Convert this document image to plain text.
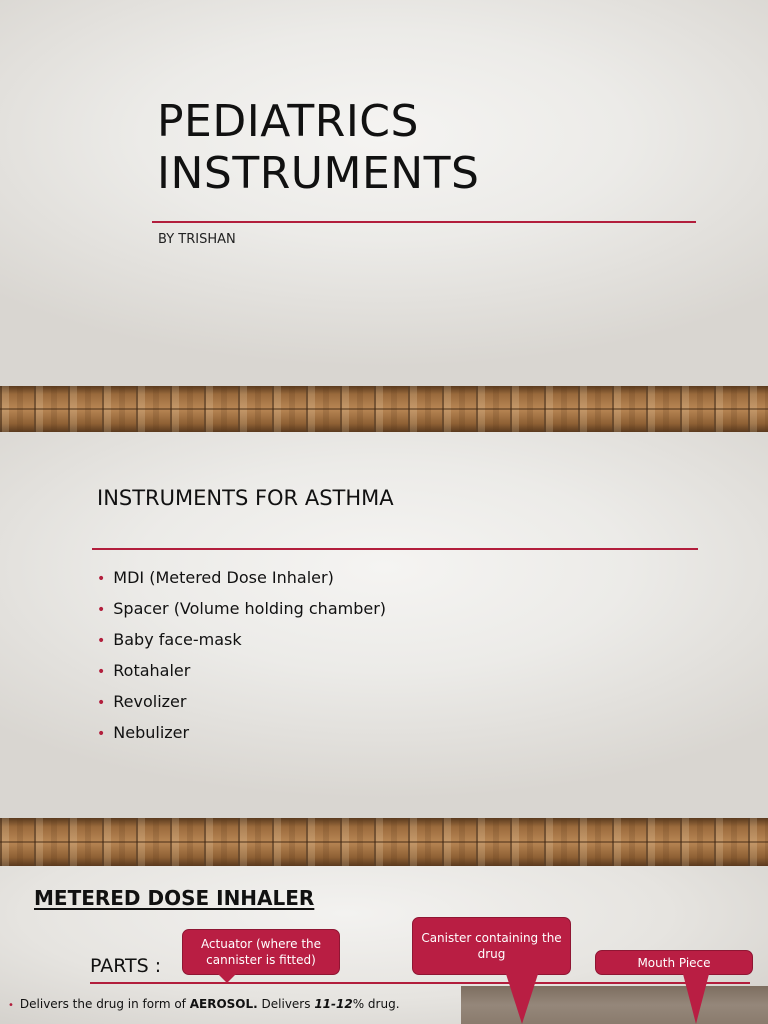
PEDIATRICS
INSTRUMENTS
BY TRISHAN
INSTRUMENTS FOR ASTHMA
• MDI (Metered Dose Inhaler)
• Spacer (Volume holding chamber)
• Baby face-mask
• Rotahaler
• Revolizer
• Nebulizer
METERED DOSE INHALER
PARTS :
Actuator (where the cannister is fitted)
Canister containing the drug
Mouth Piece
• Delivers the drug in form of AEROSOL. Delivers 11-12% drug.
